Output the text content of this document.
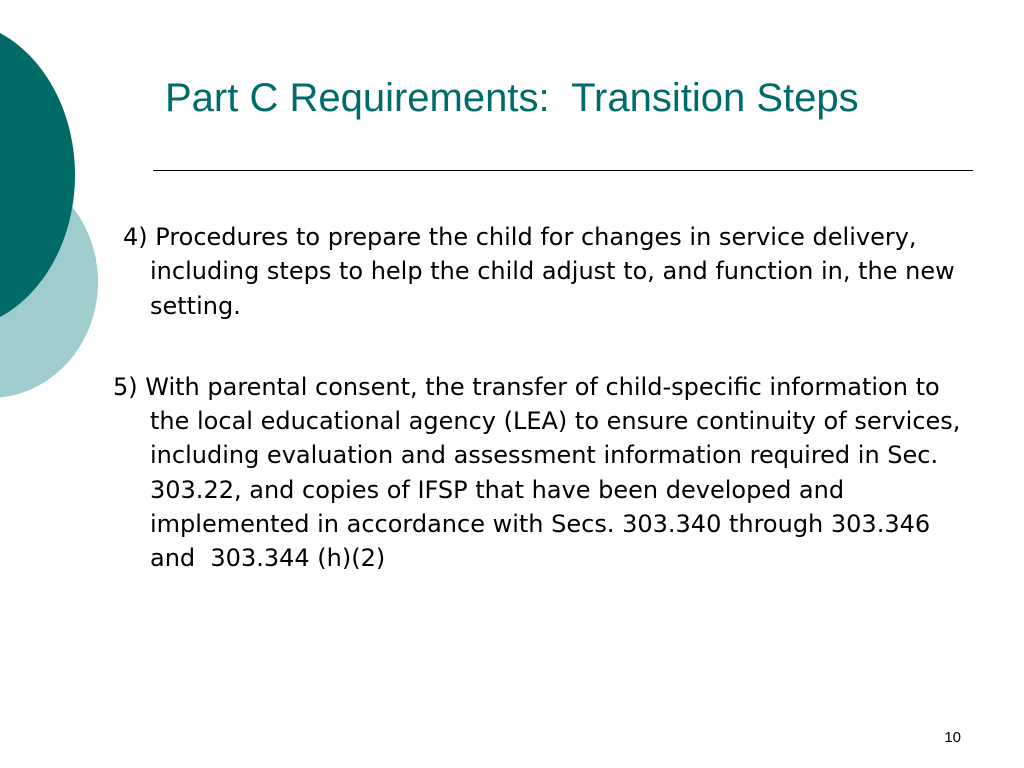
Part C Requirements:  Transition Steps

4) Procedures to prepare the child for changes in service delivery, including steps to help the child adjust to, and function in, the new setting.

5) With parental consent, the transfer of child-specific information to the local educational agency (LEA) to ensure continuity of services, including evaluation and assessment information required in Sec. 303.22, and copies of IFSP that have been developed and implemented in accordance with Secs. 303.340 through 303.346 and  303.344 (h)(2)

10
